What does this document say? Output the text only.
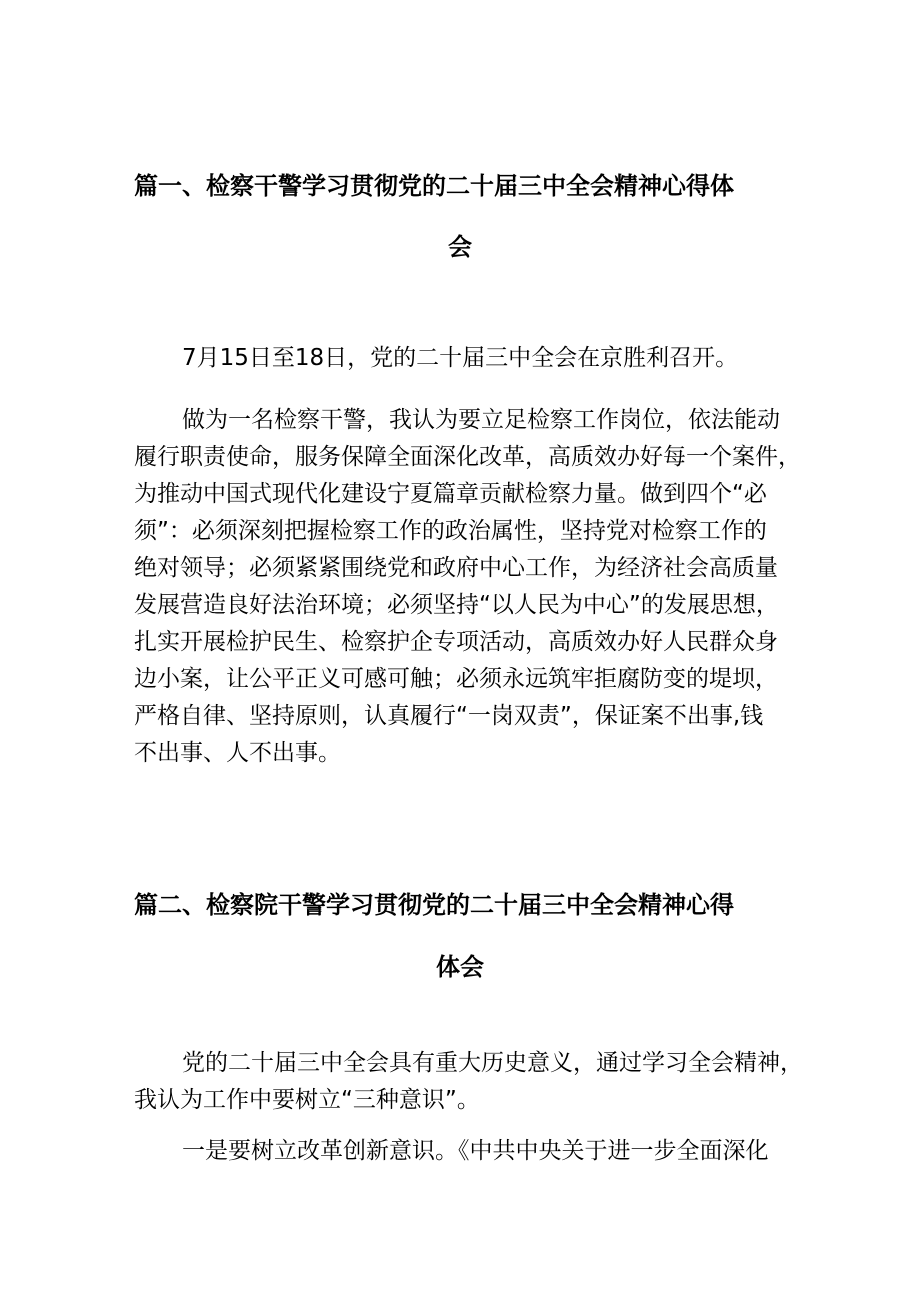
篇一、检察干警学习贯彻党的二十届三中全会精神心得体
会

7月15日至18日，党的二十届三中全会在京胜利召开。

做为一名检察干警，我认为要立足检察工作岗位，依法能动
履行职责使命，服务保障全面深化改革，高质效办好每一个案件，
为推动中国式现代化建设宁夏篇章贡献检察力量。做到四个“必
须”：必须深刻把握检察工作的政治属性，坚持党对检察工作的
绝对领导；必须紧紧围绕党和政府中心工作，为经济社会高质量
发展营造良好法治环境；必须坚持“以人民为中心”的发展思想，
扎实开展检护民生、检察护企专项活动，高质效办好人民群众身
边小案，让公平正义可感可触；必须永远筑牢拒腐防变的堤坝，
严格自律、坚持原则，认真履行“一岗双责”，保证案不出事,钱
不出事、人不出事。

篇二、检察院干警学习贯彻党的二十届三中全会精神心得
体会

党的二十届三中全会具有重大历史意义，通过学习全会精神，
我认为工作中要树立“三种意识”。

一是要树立改革创新意识。《中共中央关于进一步全面深化
